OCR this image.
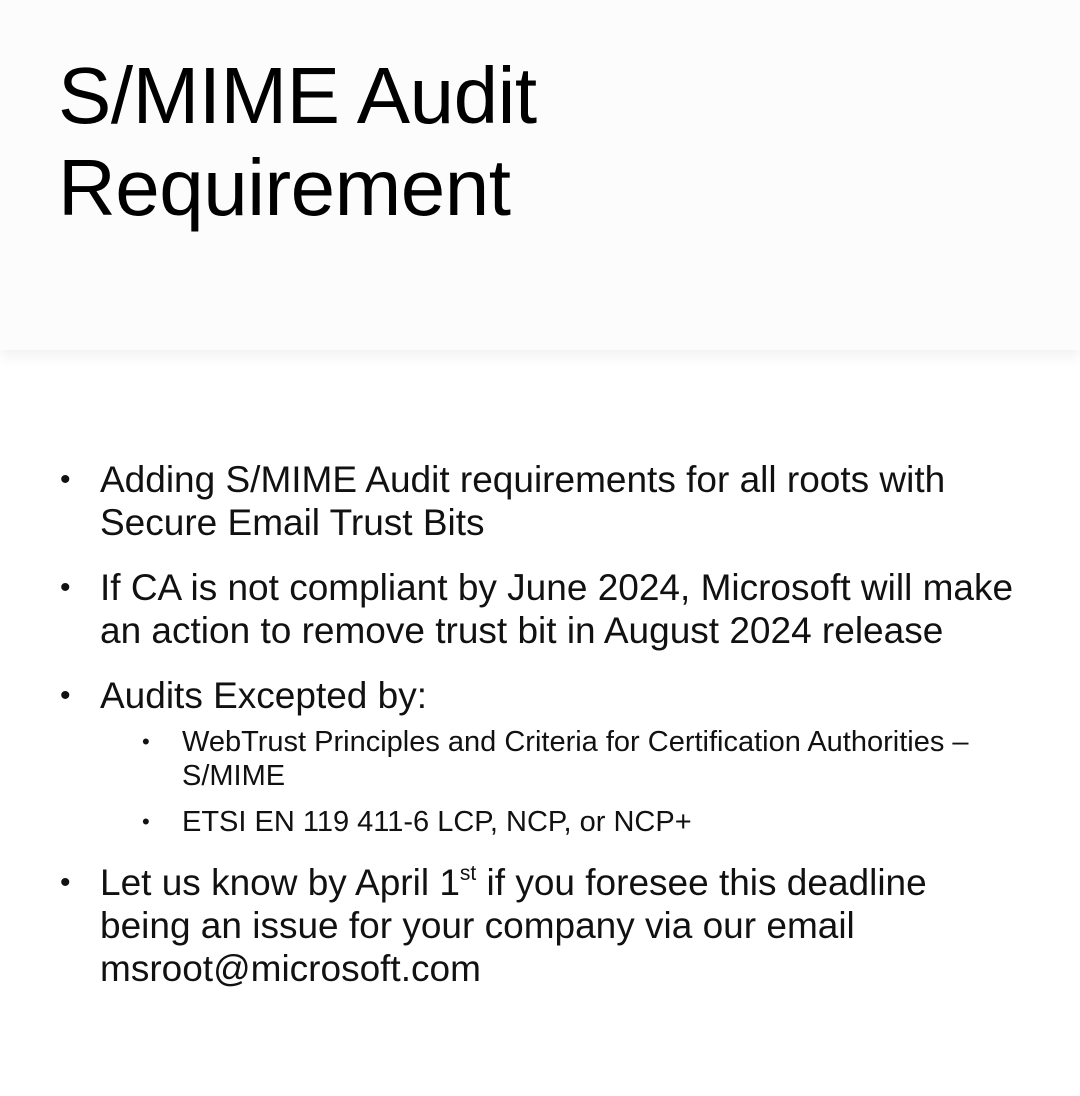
S/MIME Audit
Requirement
• Adding S/MIME Audit requirements for all roots with Secure Email Trust Bits
• If CA is not compliant by June 2024, Microsoft will make an action to remove trust bit in August 2024 release
• Audits Excepted by:
• WebTrust Principles and Criteria for Certification Authorities – S/MIME
• ETSI EN 119 411-6 LCP, NCP, or NCP+
• Let us know by April 1st if you foresee this deadline being an issue for your company via our email msroot@microsoft.com
